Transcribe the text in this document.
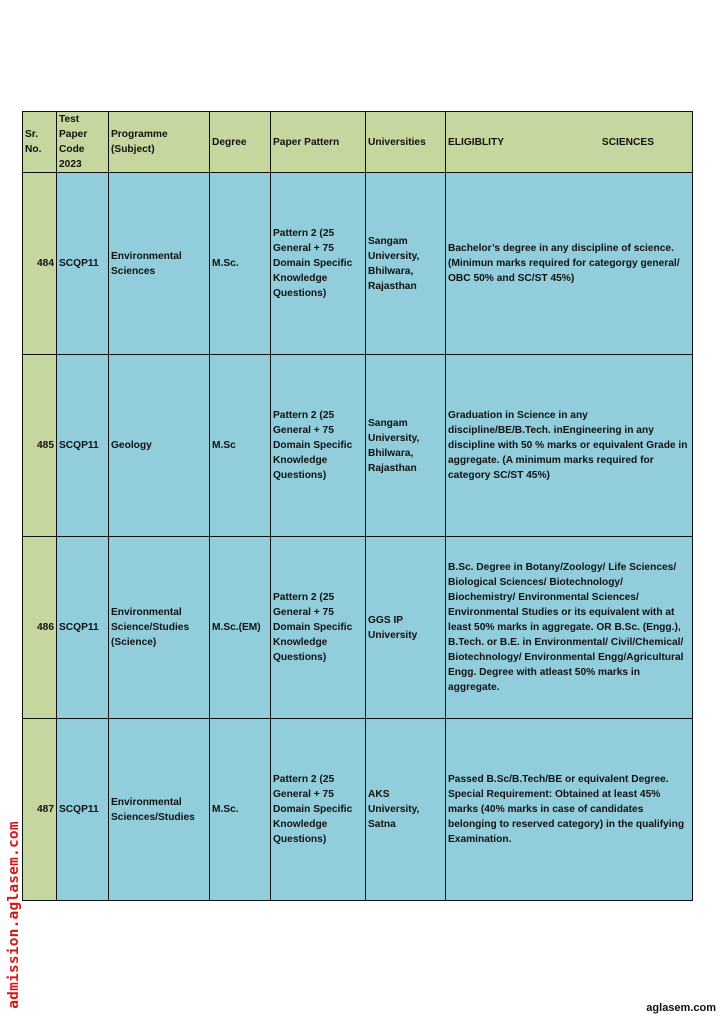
Sr. No.	Test Paper Code 2023	Programme (Subject)	Degree	Paper Pattern	Universities	ELIGIBLITY SCIENCES

484	SCQP11	Environmental Sciences	M.Sc.	Pattern 2 (25 General + 75 Domain Specific Knowledge Questions)	Sangam University, Bhilwara, Rajasthan	Bachelor’s degree in any discipline of science. (Minimun marks required for categorgy general/ OBC 50% and SC/ST 45%)
485	SCQP11	Geology	M.Sc	Pattern 2 (25 General + 75 Domain Specific Knowledge Questions)	Sangam University, Bhilwara, Rajasthan	Graduation in Science in any discipline/BE/B.Tech. inEngineering in any discipline with 50 % marks or equivalent Grade in aggregate. (A minimum marks required for category SC/ST 45%)
486	SCQP11	Environmental Science/Studies (Science)	M.Sc.(EM)	Pattern 2 (25 General + 75 Domain Specific Knowledge Questions)	GGS IP University	B.Sc. Degree in Botany/Zoology/ Life Sciences/ Biological Sciences/ Biotechnology/ Biochemistry/ Environmental Sciences/ Environmental Studies or its equivalent with at least 50% marks in aggregate. OR B.Sc. (Engg.), B.Tech. or B.E. in Environmental/ Civil/Chemical/ Biotechnology/ Environmental Engg/Agricultural Engg. Degree with atleast 50% marks in aggregate.
487	SCQP11	Environmental Sciences/Studies	M.Sc.	Pattern 2 (25 General + 75 Domain Specific Knowledge Questions)	AKS University, Satna	Passed B.Sc/B.Tech/BE or equivalent Degree. Special Requirement: Obtained at least 45% marks (40% marks in case of candidates belonging to reserved category) in the qualifying Examination.
admission.aglasem.com	aglasem.com
